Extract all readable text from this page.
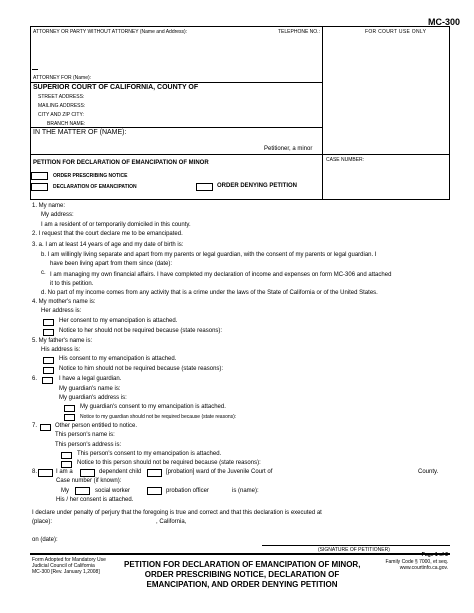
MC-300
ATTORNEY OR PARTY WITHOUT ATTORNEY (Name and Address):	TELEPHONE NO.:	FOR COURT USE ONLY
ATTORNEY FOR (Name):
SUPERIOR COURT OF CALIFORNIA, COUNTY OF
STREET ADDRESS:
MAILING ADDRESS:
CITY AND ZIP CITY:
BRANCH NAME:
IN THE MATTER OF (NAME):
Petitioner, a minor
PETITION FOR DECLARATION OF EMANCIPATION OF MINOR	CASE NUMBER:
ORDER PRESCRIBING NOTICE
DECLARATION OF EMANCIPATION	ORDER DENYING PETITION
1. My name:
My address:
I am a resident of or temporarily domiciled in this county.
2. I request that the court declare me to be emancipated.
3. a. I am at least 14 years of age and my date of birth is:
b. I am willingly living separate and apart from my parents or legal guardian, with the consent of my parents or legal guardian. I
have been living apart from them since (date):
c. I am managing my own financial affairs. I have completed my declaration of income and expenses on form MC-306 and attached
it to this petition.
d. No part of my income comes from any activity that is a crime under the laws of the State of California or of the United States.
4. My mother's name is:
Her address is:
Her consent to my emancipation is attached.
Notice to her should not be required because (state reasons):
5. My father's name is:
His address is:
His consent to my emancipation is attached.
Notice to him should not be required because (state reasons):
6.	I have a legal guardian.
My guardian's name is:
My guardian's address is:
My guardian's consent to my emancipation is attached.
Notice to my guardian should not be required because (state reasons):
7.	Other person entitled to notice.
This person's name is:
This person's address is:
This person's consent to my emancipation is attached.
Notice to this person should not be required because (state reasons):
8.	I am a	dependent child	[probation] ward of the Juvenile Court of	County.
Case number (if known):
My	social worker	probation officer	is (name):
His / her consent is attached.
I declare under penalty of perjury that the foregoing is true and correct and that this declaration is executed at
(place):	, California,
on (date):
(SIGNATURE OF PETITIONER)
Form Adopted for Mandatory Use
Judicial Council of California
MC-300 [Rev. January 1,2008]
PETITION FOR DECLARATION OF EMANCIPATION OF MINOR,
ORDER PRESCRIBING NOTICE, DECLARATION OF
EMANCIPATION, AND ORDER DENYING PETITION
Page 1 of 2
Family Code § 7000, et seq.
www.courtinfo.ca.gov.
